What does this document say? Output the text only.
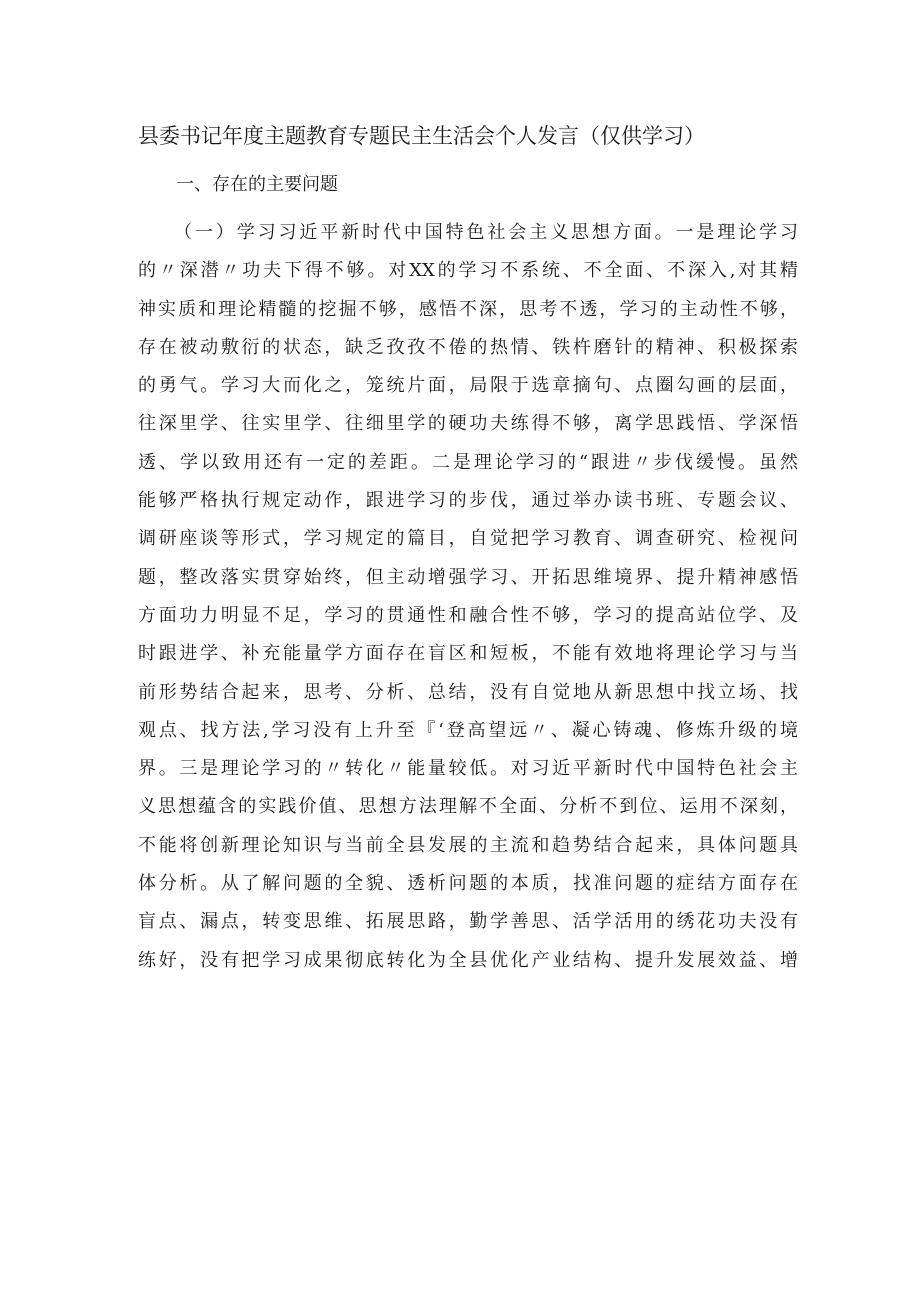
县委书记年度主题教育专题民主生活会个人发言（仅供学习）

一、存在的主要问题

（一）学习习近平新时代中国特色社会主义思想方面。一是理论学习
的〃深潜〃功夫下得不够。对XX的学习不系统、不全面、不深入,对其精
神实质和理论精髓的挖掘不够，感悟不深，思考不透，学习的主动性不够，
存在被动敷衍的状态，缺乏孜孜不倦的热情、铁杵磨针的精神、积极探索
的勇气。学习大而化之，笼统片面，局限于选章摘句、点圈勾画的层面，
往深里学、往实里学、往细里学的硬功夫练得不够，离学思践悟、学深悟
透、学以致用还有一定的差距。二是理论学习的“跟进〃步伐缓慢。虽然
能够严格执行规定动作，跟进学习的步伐，通过举办读书班、专题会议、
调研座谈等形式，学习规定的篇目，自觉把学习教育、调查研究、检视问
题，整改落实贯穿始终，但主动增强学习、开拓思维境界、提升精神感悟
方面功力明显不足，学习的贯通性和融合性不够，学习的提高站位学、及
时跟进学、补充能量学方面存在盲区和短板，不能有效地将理论学习与当
前形势结合起来，思考、分析、总结，没有自觉地从新思想中找立场、找
观点、找方法,学习没有上升至『‘登高望远〃、凝心铸魂、修炼升级的境
界。三是理论学习的〃转化〃能量较低。对习近平新时代中国特色社会主
义思想蕴含的实践价值、思想方法理解不全面、分析不到位、运用不深刻，
不能将创新理论知识与当前全县发展的主流和趋势结合起来，具体问题具
体分析。从了解问题的全貌、透析问题的本质，找准问题的症结方面存在
盲点、漏点，转变思维、拓展思路，勤学善思、活学活用的绣花功夫没有
练好，没有把学习成果彻底转化为全县优化产业结构、提升发展效益、增
